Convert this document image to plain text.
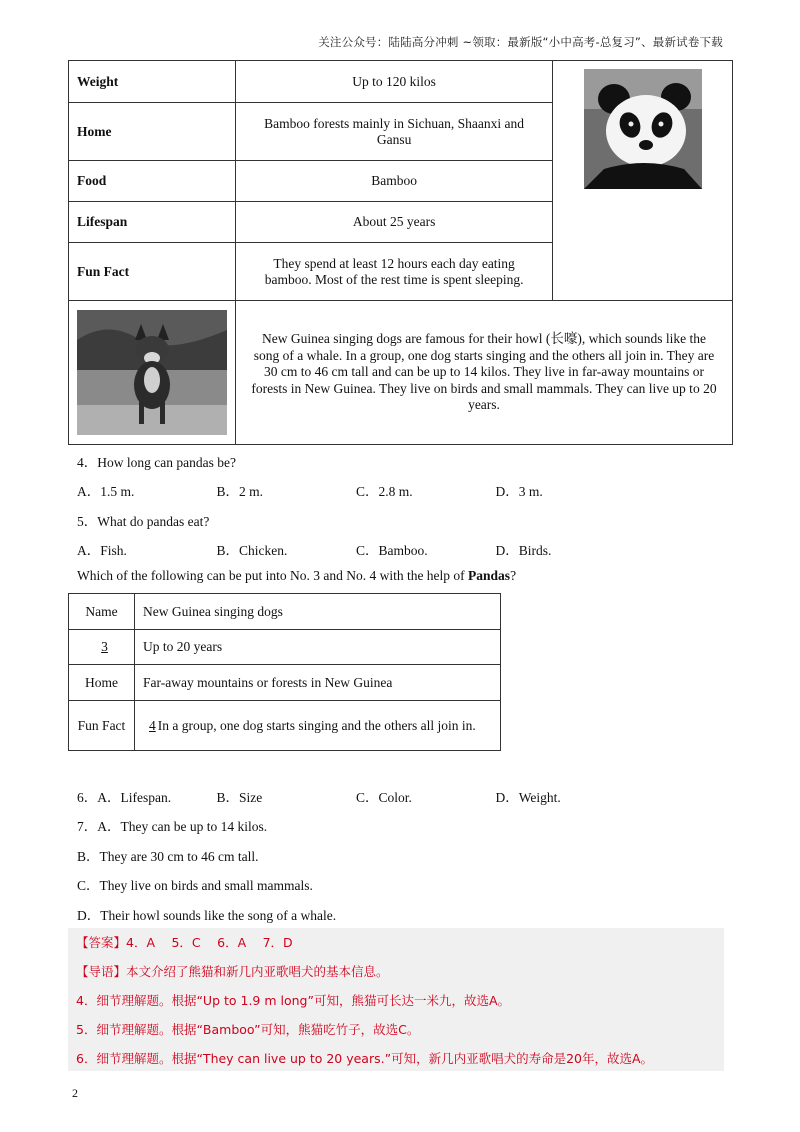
关注公众号：陆陆高分冲刺 ~领取：最新版“小中高考-总复习”、最新试卷下载
Weight	Up to 120 kilos	

Home	Bamboo forests mainly in Sichuan, Shaanxi and Gansu	
Food	Bamboo	
Lifespan	About 25 years	
Fun Fact	They spend at least 12 hours each day eating bamboo. Most of the rest time is spent sleeping.	

	New Guinea singing dogs are famous for their howl (长嚎), which sounds like the song of a whale. In a group, one dog starts singing and the others all join in. They are 30 cm to 46 cm tall and can be up to 14 kilos. They live in far-away mountains or forests in New Guinea. They live on birds and small mammals. They can live up to 20 years.	
4．How long can pandas be?
A．1.5 m.	B．2 m.	C．2.8 m.	D．3 m.
5．What do pandas eat?
A．Fish.	B．Chicken.	C．Bamboo.	D．Birds.
Which of the following can be put into No. 3 and No. 4 with the help of Pandas?
Name	New Guinea singing dogs
3	Up to 20 years
Home	Far-away mountains or forests in New Guinea
Fun Fact	4 In a group, one dog starts singing and the others all join in.
6．A．Lifespan.	B．Size	C．Color.	D．Weight.
7．A．They can be up to 14 kilos.
B．They are 30 cm to 46 cm tall.
C．They live on birds and small mammals.
D．Their howl sounds like the song of a whale.
【答案】4．A　 5．C　 6．A　 7．D
【导语】本文介绍了熊猫和新几内亚歌唱犬的基本信息。
4．细节理解题。根据“Up to 1.9 m long”可知，熊猫可长达一米九，故选A。
5．细节理解题。根据“Bamboo”可知，熊猫吃竹子，故选C。
6．细节理解题。根据“They can live up to 20 years.”可知，新几内亚歌唱犬的寿命是20年，故选A。
2
